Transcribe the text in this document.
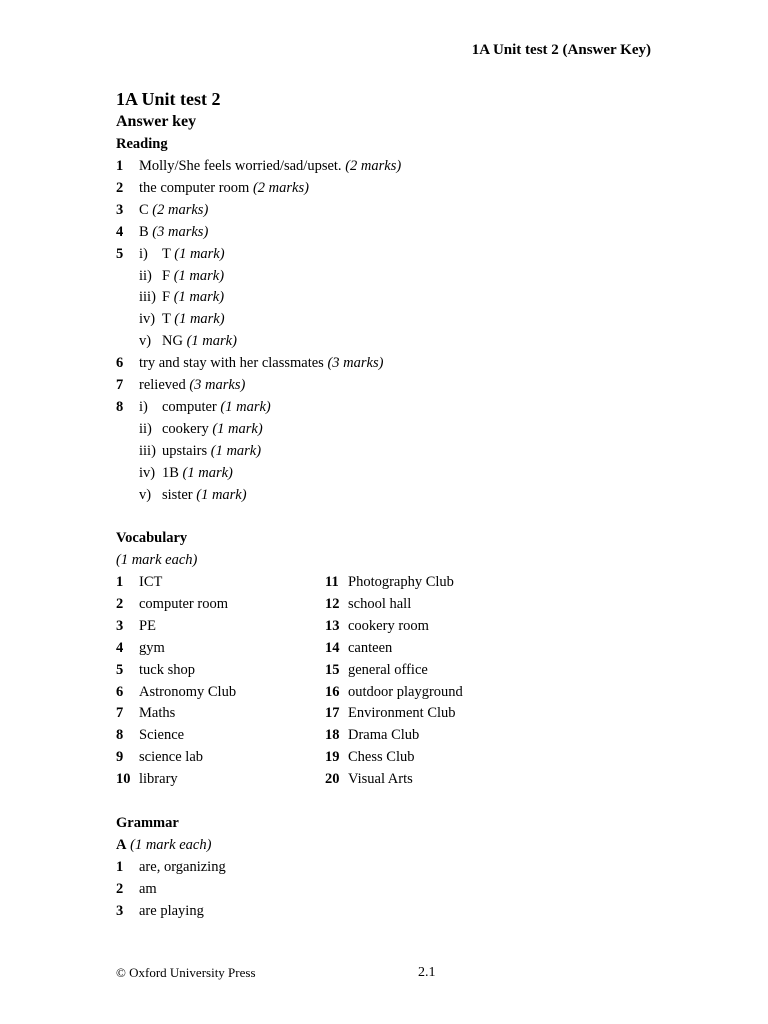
1A Unit test 2 (Answer Key)
1A Unit test 2
Answer key
Reading
1 Molly/She feels worried/sad/upset. (2 marks)
2 the computer room (2 marks)
3 C (2 marks)
4 B (3 marks)
5	i) T (1 mark)
ii) F (1 mark)
iii) F (1 mark)
iv) T (1 mark)
v) NG (1 mark)
6 try and stay with her classmates (3 marks)
7 relieved (3 marks)
8	i) computer (1 mark)
ii) cookery (1 mark)
iii) upstairs (1 mark)
iv) 1B (1 mark)
v) sister (1 mark)
Vocabulary
(1 mark each)
1 ICT
2 computer room
3 PE
4 gym
5 tuck shop
6 Astronomy Club
7 Maths
8 Science
9 science lab
10 library
11 Photography Club
12 school hall
13 cookery room
14 canteen
15 general office
16 outdoor playground
17 Environment Club
18 Drama Club
19 Chess Club
20 Visual Arts
Grammar
A (1 mark each)
1 are, organizing
2 am
3 are playing
© Oxford University Press	2.1
